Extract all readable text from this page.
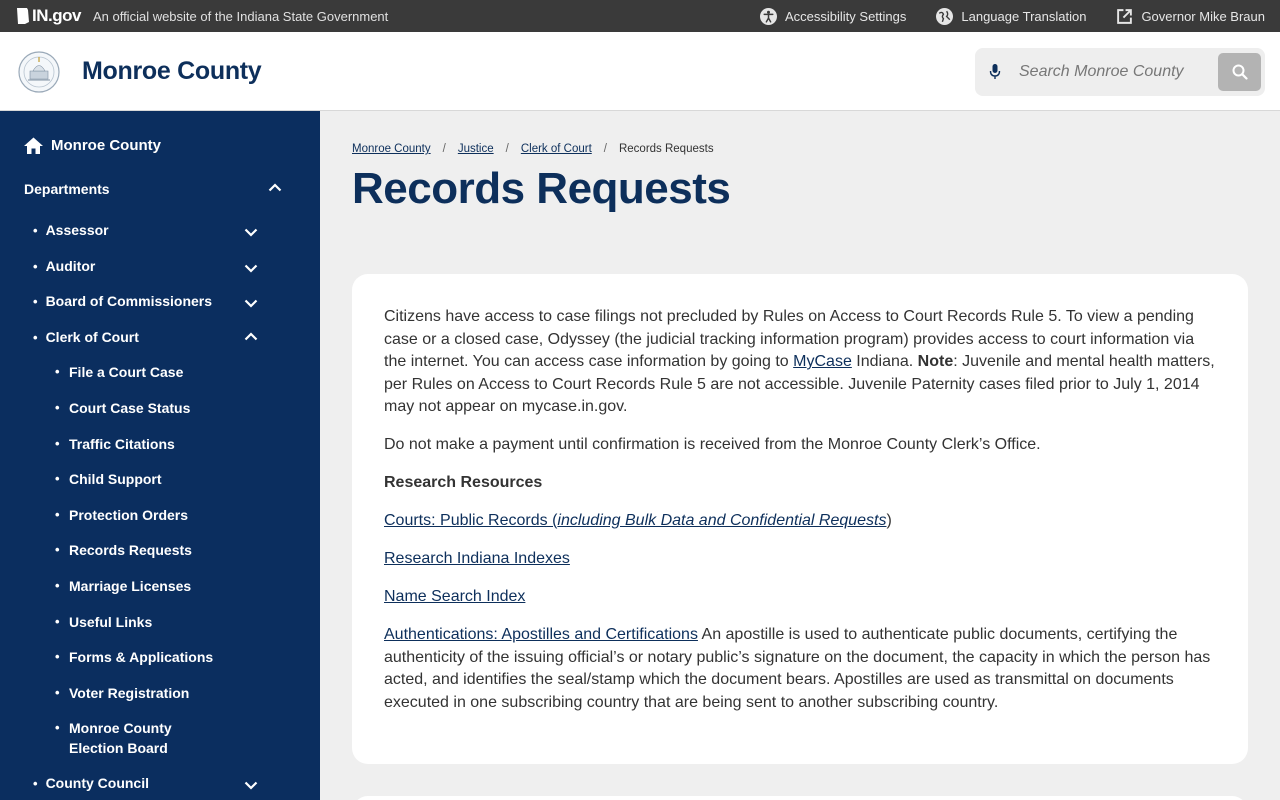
IN.gov An official website of the Indiana State Government	Accessibility Settings	Language Translation	Governor Mike Braun
Monroe County
Search Monroe County
Monroe County
Departments
• Assessor
• Auditor
• Board of Commissioners
• Clerk of Court
• File a Court Case
• Court Case Status
• Traffic Citations
• Child Support
• Protection Orders
• Records Requests
• Marriage Licenses
• Useful Links
• Forms & Applications
• Voter Registration
• Monroe County Election Board
• County Council
Monroe County / Justice / Clerk of Court / Records Requests
Records Requests

Citizens have access to case filings not precluded by Rules on Access to Court Records Rule 5. To view a pending case or a closed case, Odyssey (the judicial tracking information program) provides access to court information via the internet. You can access case information by going to MyCase Indiana. Note: Juvenile and mental health matters, per Rules on Access to Court Records Rule 5 are not accessible. Juvenile Paternity cases filed prior to July 1, 2014 may not appear on mycase.in.gov.

Do not make a payment until confirmation is received from the Monroe County Clerk’s Office.

Research Resources

Courts: Public Records (including Bulk Data and Confidential Requests)

Research Indiana Indexes

Name Search Index

Authentications: Apostilles and Certifications An apostille is used to authenticate public documents, certifying the authenticity of the issuing official’s or notary public’s signature on the document, the capacity in which the person has acted, and identifies the seal/stamp which the document bears. Apostilles are used as transmittal on documents executed in one subscribing country that are being sent to another subscribing country.
